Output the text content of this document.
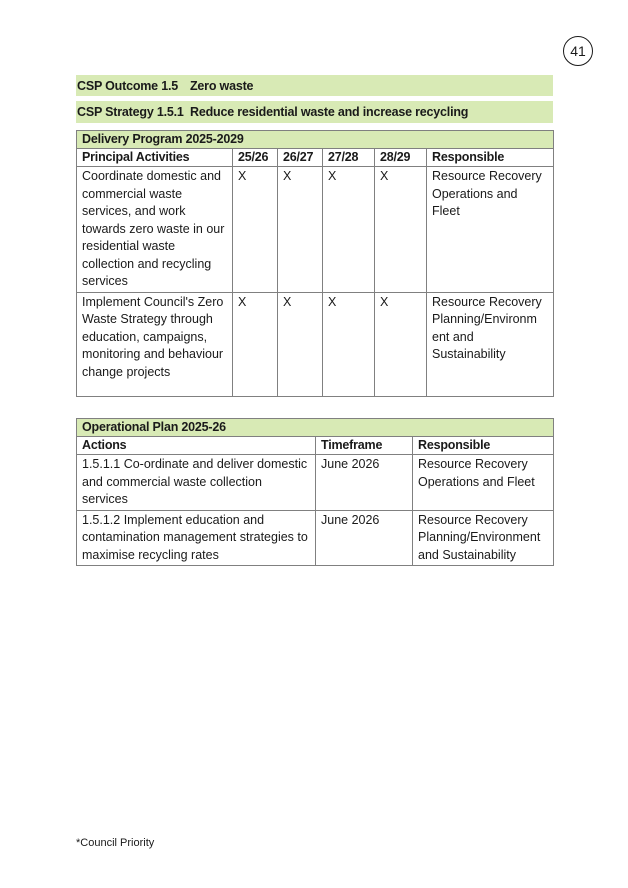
41
CSP Outcome 1.5 Zero waste
CSP Strategy 1.5.1 Reduce residential waste and increase recycling
Delivery Program 2025-2029					
Principal Activities	25/26	26/27	27/28	28/29	Responsible
Coordinate domestic and commercial waste services, and work towards zero waste in our residential waste collection and recycling services	X	X	X	X	Resource Recovery Operations and Fleet
Implement Council's Zero Waste Strategy through education, campaigns, monitoring and behaviour change projects	X	X	X	X	Resource Recovery Planning/Environm ent and Sustainability
Operational Plan 2025-26		
Actions	Timeframe	Responsible
1.5.1.1 Co-ordinate and deliver domestic and commercial waste collection services	June 2026	Resource Recovery Operations and Fleet
1.5.1.2 Implement education and contamination management strategies to maximise recycling rates	June 2026	Resource Recovery Planning/Environment and Sustainability
*Council Priority
